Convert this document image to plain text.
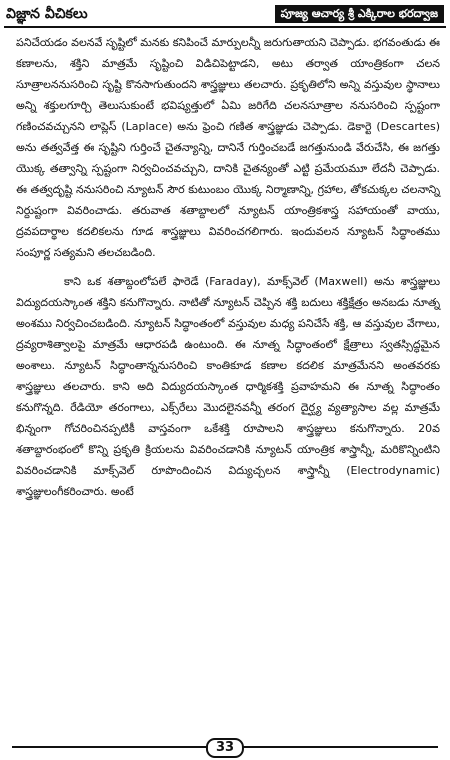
విజ్ఞాన వీచికలు	పూజ్య ఆచార్య శ్రీ ఎక్కిరాల భరద్వాజ

పనిచేయడం వలనవే సృష్టిలో మనకు కనిపించే మార్పులన్నీ జరుగుతాయని చెప్పాడు. భగవంతుడు ఈ కణాలను, శక్తిని మాత్రమే సృష్టించి విడిచిపెట్టాడని, అటు తర్వాత యాంత్రికంగా చలన సూత్రాలననుసరించి సృష్టి కొనసాగుతుందని శాస్త్రజ్ఞులు తలచారు. ప్రకృతిలోని అన్ని వస్తువుల స్థానాలు అన్ని శక్తులగూర్చి తెలుసుకుంటే భవిష్యత్తులో ఏమి జరిగేది చలనసూత్రాల ననుసరించి స్పష్టంగా గణించవచ్చునని లాప్లెస్ (Laplace) అను ఫ్రెంచి గణిత శాస్త్రజ్ఞుడు చెప్పాడు. డెకార్టె (Descartes) అను తత్వవేత్త ఈ సృష్టిని గుర్తించే చైతన్యాన్ని, దానినే గుర్తించబడే జగత్తునుండి వేరుచేసి, ఈ జగత్తు యొక్క తత్వాన్ని స్పష్టంగా నిర్వచించవచ్చుని, దానికి చైతన్యంతో ఎట్టి ప్రమేయమూ లేదనీ చెప్పాడు. ఈ తత్వదృష్టి ననుసరించి న్యూటన్ సౌర కుటుంబం యొక్క నిర్మాణాన్ని, గ్రహాల, తోకచుక్కల చలనాన్ని నిర్దుష్టంగా వివరించాడు. తరువాత శతాబ్దాలలో న్యూటన్ యాంత్రికశాస్త్ర సహాయంతో వాయు, ద్రవపదార్థాల కదలికలను గూడ శాస్త్రజ్ఞులు వివరించగలిగారు. ఇందువలన న్యూటన్ సిద్ధాంతము సంపూర్ణ సత్యమని తలచబడింది.

కాని ఒక శతాబ్దంలోపలే ఫారెడే (Faraday), మాక్స్‌వెల్ (Maxwell) అను శాస్త్రజ్ఞులు విద్యుదయస్కాంత శక్తిని కనుగొన్నారు. నాటితో న్యూటన్ చెప్పిన శక్తి బదులు శక్తిక్షేత్రం అనబడు నూత్న అంశము నిర్వచించబడింది. న్యూటన్ సిద్ధాంతంలో వస్తువుల మధ్య పనిచేసే శక్తి, ఆ వస్తువుల వేగాలు, ద్రవ్యరాశిత్వాలపై మాత్రమే ఆధారపడి ఉంటుంది. ఈ నూత్న సిద్ధాంతంలో క్షేత్రాలు స్వతస్సిద్ధమైన అంశాలు. న్యూటన్ సిద్ధాంతాన్ననుసరించి కాంతికూడ కణాల కదలిక మాత్రమేనని అంతవరకు శాస్త్రజ్ఞులు తలచారు. కాని అది విద్యుదయస్కాంత ధార్మికశక్తి ప్రవాహమని ఈ నూత్న సిద్ధాంతం కనుగొన్నది. రేడియో తరంగాలు, ఎక్స్‌రేలు మొదలైనవన్నీ తరంగ దైర్ఘ్య వ్యత్యాసాల వల్ల మాత్రమే భిన్నంగా గోచరించినప్పటికీ వాస్తవంగా ఒకేశక్తి రూపాలని శాస్త్రజ్ఞులు కనుగొన్నారు. 20వ శతాబ్దారంభంలో కొన్ని ప్రకృతి క్రియలను వివరించడానికి న్యూటన్ యాంత్రిక శాస్త్రాన్నీ, మరికొన్నింటిని వివరించడానికి మాక్స్‌వెల్ రూపొందించిన విద్యుచ్చలన శాస్త్రాన్నీ (Electrodynamic) శాస్త్రజ్ఞులంగీకరించారు. అంటే

33
